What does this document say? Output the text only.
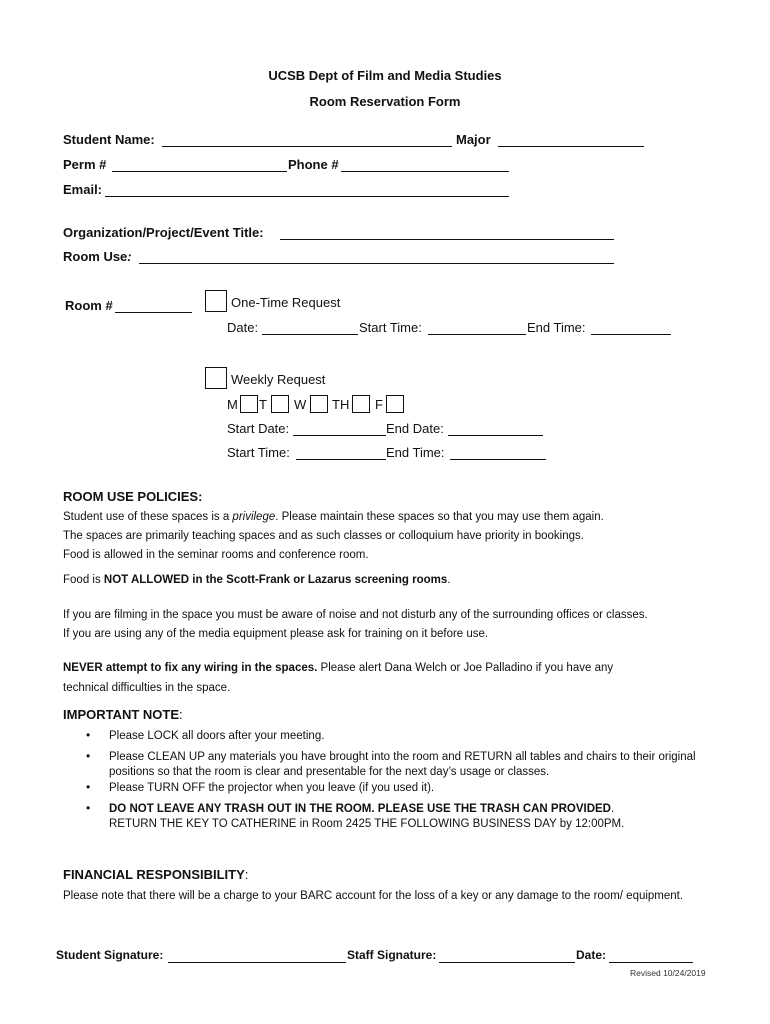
UCSB Dept of Film and Media Studies
Room Reservation Form
Student Name:	Major
Perm #	Phone #
Email:
Organization/Project/Event Title:
Room Use:
Room #	One-Time Request
Date:	Start Time:	End Time:
Weekly Request
M T W TH F
Start Date:	End Date:
Start Time:	End Time:
ROOM USE POLICIES:
Student use of these spaces is a privilege. Please maintain these spaces so that you may use them again.
The spaces are primarily teaching spaces and as such classes or colloquium have priority in bookings.
Food is allowed in the seminar rooms and conference room.
Food is NOT ALLOWED in the Scott-Frank or Lazarus screening rooms.
If you are filming in the space you must be aware of noise and not disturb any of the surrounding offices or classes.
If you are using any of the media equipment please ask for training on it before use.
NEVER attempt to fix any wiring in the spaces. Please alert Dana Welch or Joe Palladino if you have any
technical difficulties in the space.
IMPORTANT NOTE:
• Please LOCK all doors after your meeting.
• Please CLEAN UP any materials you have brought into the room and RETURN all tables and chairs to their original positions so that the room is clear and presentable for the next day’s usage or classes.
• Please TURN OFF the projector when you leave (if you used it).
• DO NOT LEAVE ANY TRASH OUT IN THE ROOM. PLEASE USE THE TRASH CAN PROVIDED.
RETURN THE KEY TO CATHERINE in Room 2425 THE FOLLOWING BUSINESS DAY by 12:00PM.
FINANCIAL RESPONSIBILITY:
Please note that there will be a charge to your BARC account for the loss of a key or any damage to the room/ equipment.
Student Signature:	Staff Signature:	Date:
Revised 10/24/2019
